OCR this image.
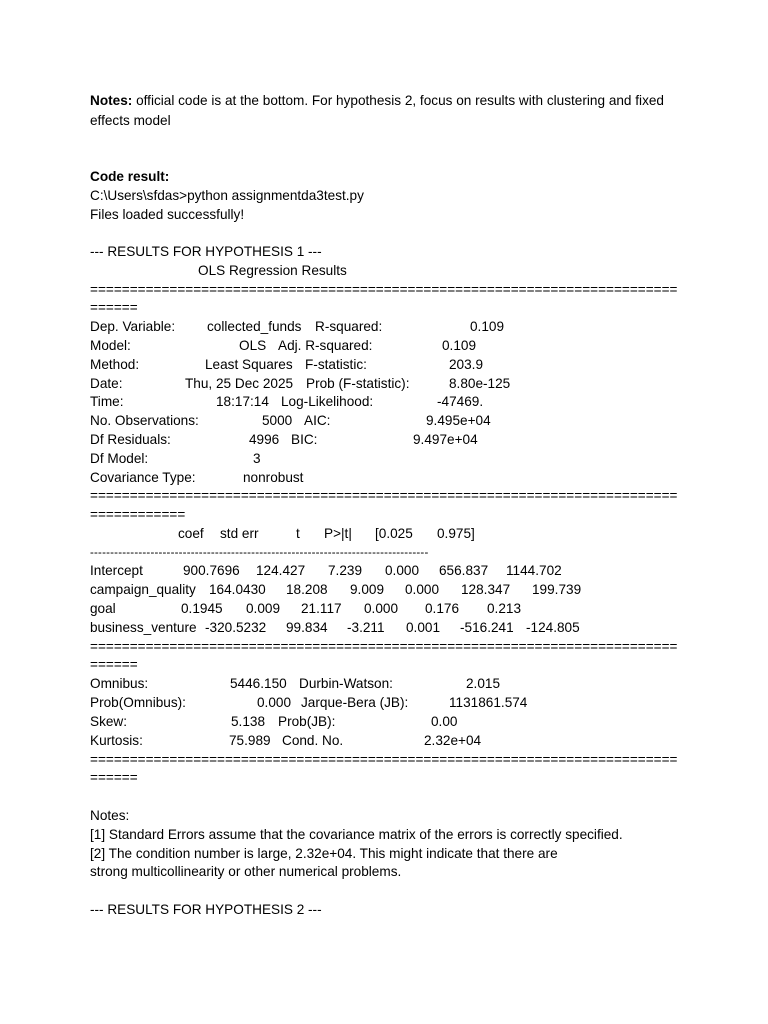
Notes: official code is at the bottom. For hypothesis 2, focus on results with clustering and fixed
effects model
Code result:
C:\Users\sfdas>python assignmentda3test.py
Files loaded successfully!
--- RESULTS FOR HYPOTHESIS 1 ---
OLS Regression Results
==========================================================================
======
Dep. Variable: collected_funds R-squared:	0.109
Model:	OLS Adj. R-squared:	0.109
Method:	Least Squares F-statistic:	203.9
Date:	Thu, 25 Dec 2025 Prob (F-statistic):	8.80e-125
Time:	18:17:14 Log-Likelihood:	-47469.
No. Observations:	5000 AIC:	9.495e+04
Df Residuals:	4996 BIC:	9.497e+04
Df Model:	3
Covariance Type:	nonrobust
==========================================================================
============
coef std err	t P>|t| [0.025 0.975]
------------------------------------------------------------------------------------
Intercept	900.7696 124.427 7.239 0.000 656.837 1144.702
campaign_quality 164.0430 18.208 9.009 0.000 128.347 199.739
goal	0.1945 0.009 21.117 0.000 0.176 0.213
business_venture -320.5232 99.834 -3.211 0.001 -516.241 -124.805
==========================================================================
======
Omnibus:	5446.150 Durbin-Watson:	2.015
Prob(Omnibus):	0.000 Jarque-Bera (JB):	1131861.574
Skew:	5.138 Prob(JB):	0.00
Kurtosis:	75.989 Cond. No.	2.32e+04
==========================================================================
======
Notes:
[1] Standard Errors assume that the covariance matrix of the errors is correctly specified.
[2] The condition number is large, 2.32e+04. This might indicate that there are
strong multicollinearity or other numerical problems.
--- RESULTS FOR HYPOTHESIS 2 ---
